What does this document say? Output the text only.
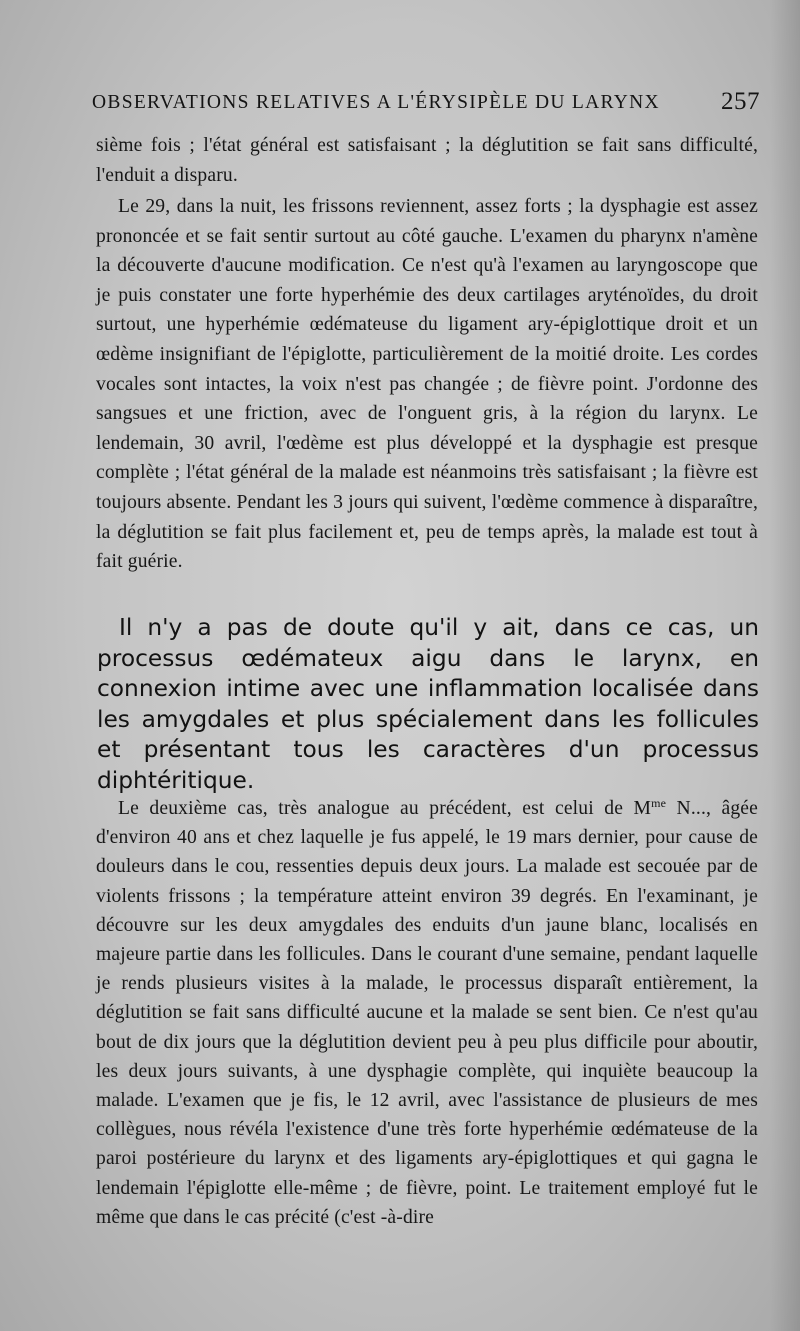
OBSERVATIONS RELATIVES A L'ÉRYSIPÈLE DU LARYNX 257

sième fois ; l'état général est satisfaisant ; la déglutition se fait sans difficulté, l'enduit a disparu.

Le 29, dans la nuit, les frissons reviennent, assez forts ; la dysphagie est assez prononcée et se fait sentir surtout au côté gauche. L'examen du pharynx n'amène la découverte d'aucune modification. Ce n'est qu'à l'examen au laryngoscope que je puis constater une forte hyperhémie des deux cartilages aryténoïdes, du droit surtout, une hyperhémie œdémateuse du ligament ary-épiglottique droit et un œdème insignifiant de l'épiglotte, particulièrement de la moitié droite. Les cordes vocales sont intactes, la voix n'est pas changée ; de fièvre point. J'ordonne des sangsues et une friction, avec de l'onguent gris, à la région du larynx. Le lendemain, 30 avril, l'œdème est plus développé et la dysphagie est presque complète ; l'état général de la malade est néanmoins très satisfaisant ; la fièvre est toujours absente. Pendant les 3 jours qui suivent, l'œdème commence à disparaître, la déglutition se fait plus facilement et, peu de temps après, la malade est tout à fait guérie.

Il n'y a pas de doute qu'il y ait, dans ce cas, un processus œdémateux aigu dans le larynx, en connexion intime avec une inflammation localisée dans les amygdales et plus spécialement dans les follicules et présentant tous les caractères d'un processus diphtéritique.

Le deuxième cas, très analogue au précédent, est celui de $M^{me}$ N..., âgée d'environ 40 ans et chez laquelle je fus appelé, le 19 mars dernier, pour cause de douleurs dans le cou, ressenties depuis deux jours. La malade est secouée par de violents frissons ; la température atteint environ 39 degrés. En l'examinant, je découvre sur les deux amygdales des enduits d'un jaune blanc, localisés en majeure partie dans les follicules. Dans le courant d'une semaine, pendant laquelle je rends plusieurs visites à la malade, le processus disparaît entièrement, la déglutition se fait sans difficulté aucune et la malade se sent bien. Ce n'est qu'au bout de dix jours que la déglutition devient peu à peu plus difficile pour aboutir, les deux jours suivants, à une dysphagie complète, qui inquiète beaucoup la malade. L'examen que je fis, le 12 avril, avec l'assistance de plusieurs de mes collègues, nous révéla l'existence d'une très forte hyperhémie œdémateuse de la paroi postérieure du larynx et des ligaments ary-épiglottiques et qui gagna le lendemain l'épiglotte elle-même ; de fièvre, point. Le traitement employé fut le même que dans le cas précité (c'est -à-dire
